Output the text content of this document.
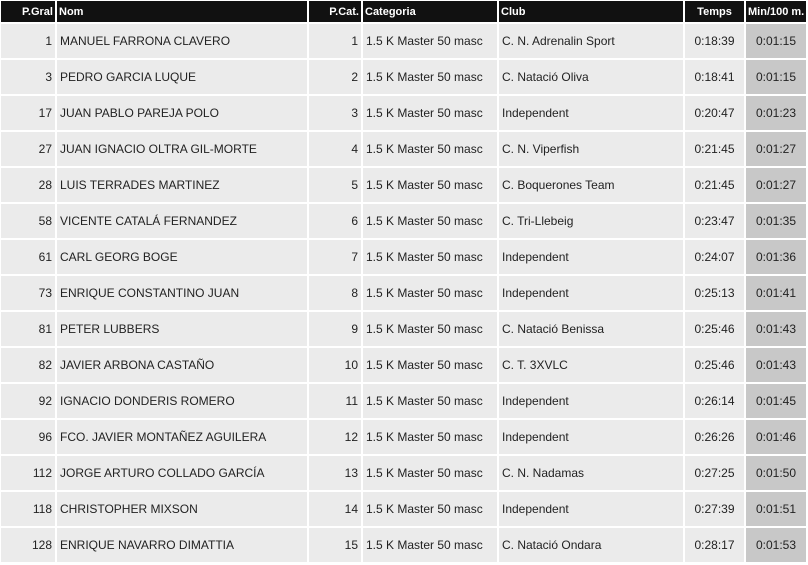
P.Gral	Nom	P.Cat.	Categoria	Club	Temps	Min/100 m.
1	MANUEL FARRONA CLAVERO	1	1.5 K Master 50 masc	C. N. Adrenalin Sport	0:18:39	0:01:15
3	PEDRO GARCIA LUQUE	2	1.5 K Master 50 masc	C. Natació Oliva	0:18:41	0:01:15
17	JUAN PABLO PAREJA POLO	3	1.5 K Master 50 masc	Independent	0:20:47	0:01:23
27	JUAN IGNACIO OLTRA GIL-MORTE	4	1.5 K Master 50 masc	C. N. Viperfish	0:21:45	0:01:27
28	LUIS TERRADES MARTINEZ	5	1.5 K Master 50 masc	C. Boquerones Team	0:21:45	0:01:27
58	VICENTE CATALÁ FERNANDEZ	6	1.5 K Master 50 masc	C. Tri-Llebeig	0:23:47	0:01:35
61	CARL GEORG BOGE	7	1.5 K Master 50 masc	Independent	0:24:07	0:01:36
73	ENRIQUE CONSTANTINO JUAN	8	1.5 K Master 50 masc	Independent	0:25:13	0:01:41
81	PETER LUBBERS	9	1.5 K Master 50 masc	C. Natació Benissa	0:25:46	0:01:43
82	JAVIER ARBONA CASTAÑO	10	1.5 K Master 50 masc	C. T. 3XVLC	0:25:46	0:01:43
92	IGNACIO DONDERIS ROMERO	11	1.5 K Master 50 masc	Independent	0:26:14	0:01:45
96	FCO. JAVIER MONTAÑEZ AGUILERA	12	1.5 K Master 50 masc	Independent	0:26:26	0:01:46
112	JORGE ARTURO COLLADO GARCÍA	13	1.5 K Master 50 masc	C. N. Nadamas	0:27:25	0:01:50
118	CHRISTOPHER MIXSON	14	1.5 K Master 50 masc	Independent	0:27:39	0:01:51
128	ENRIQUE NAVARRO DIMATTIA	15	1.5 K Master 50 masc	C. Natació Ondara	0:28:17	0:01:53
